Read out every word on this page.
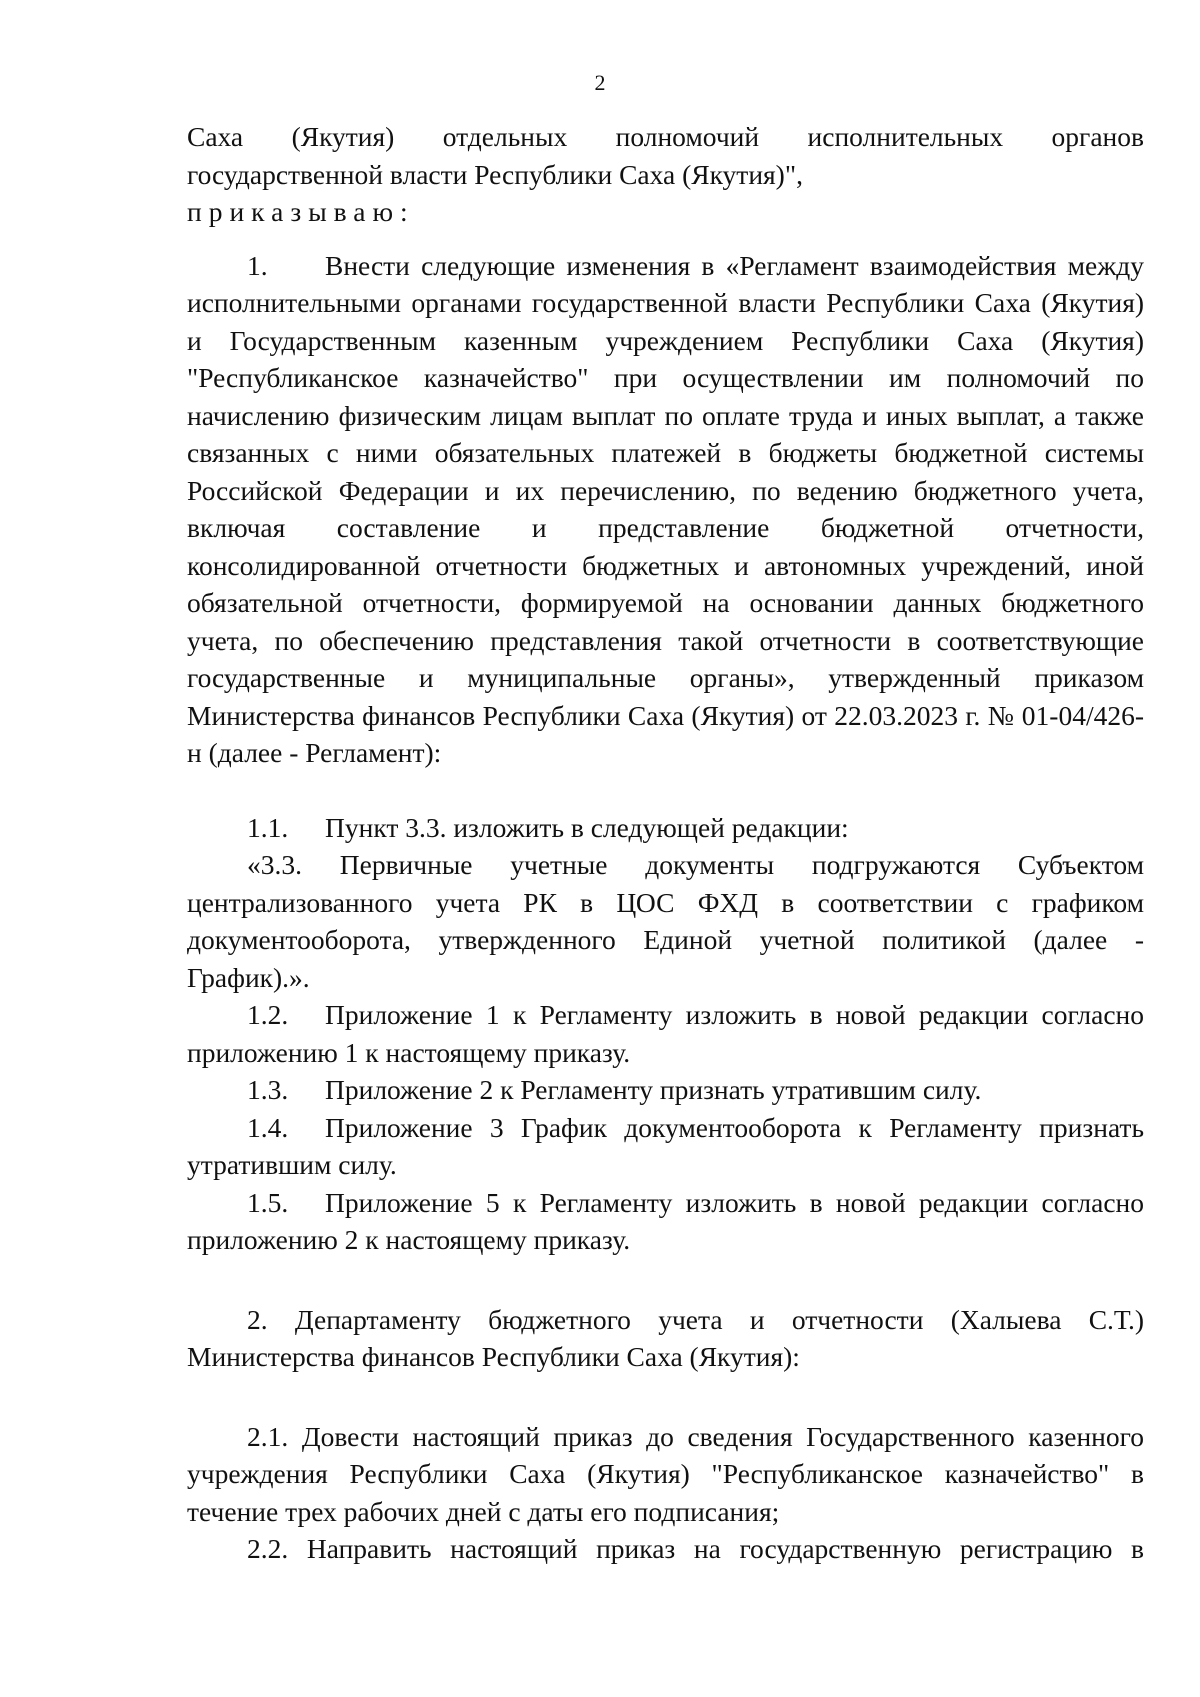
2

Саха (Якутия) отдельных полномочий исполнительных органов

государственной власти Республики Саха (Якутия)",

приказываю:

1. Внести следующие изменения в «Регламент взаимодействия между исполнительными органами государственной власти Республики Саха (Якутия) и Государственным казенным учреждением Республики Саха (Якутия) "Республиканское казначейство" при осуществлении им полномочий по начислению физическим лицам выплат по оплате труда и иных выплат, а также связанных с ними обязательных платежей в бюджеты бюджетной системы Российской Федерации и их перечислению, по ведению бюджетного учета, включая составление и представление бюджетной отчетности, консолидированной отчетности бюджетных и автономных учреждений, иной обязательной отчетности, формируемой на основании данных бюджетного учета, по обеспечению представления такой отчетности в соответствующие государственные и муниципальные органы», утвержденный приказом Министерства финансов Республики Саха (Якутия) от 22.03.2023 г. № 01-04/426-н (далее - Регламент):

1.1. Пункт 3.3. изложить в следующей редакции:

«3.3. Первичные учетные документы подгружаются Субъектом централизованного учета РК в ЦОС ФХД в соответствии с графиком документооборота, утвержденного Единой учетной политикой (далее - График).».

1.2. Приложение 1 к Регламенту изложить в новой редакции согласно приложению 1 к настоящему приказу.

1.3. Приложение 2 к Регламенту признать утратившим силу.

1.4. Приложение 3 График документооборота к Регламенту признать утратившим силу.

1.5. Приложение 5 к Регламенту изложить в новой редакции согласно приложению 2 к настоящему приказу.

2. Департаменту бюджетного учета и отчетности (Халыева С.Т.) Министерства финансов Республики Саха (Якутия):

2.1. Довести настоящий приказ до сведения Государственного казенного учреждения Республики Саха (Якутия) "Республиканское казначейство" в течение трех рабочих дней с даты его подписания;

2.2. Направить настоящий приказ на государственную регистрацию в
